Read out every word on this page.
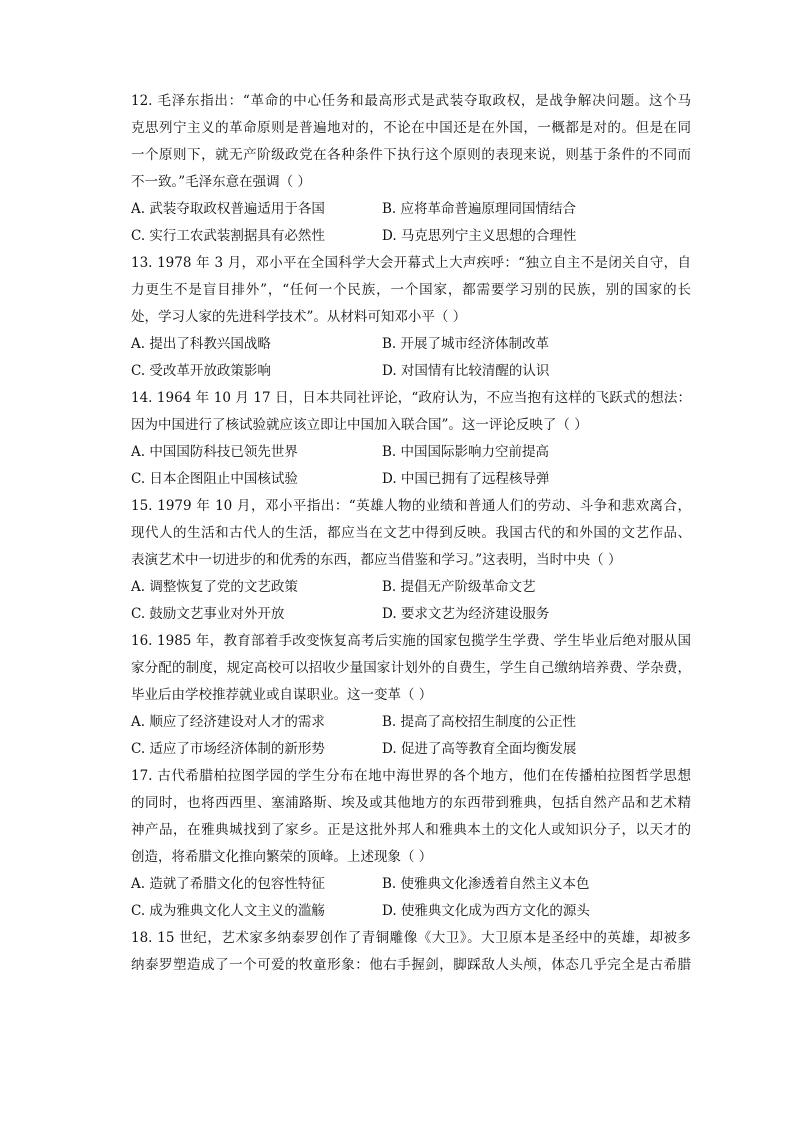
12. 毛泽东指出：“革命的中心任务和最高形式是武装夺取政权，是战争解决问题。这个马
克思列宁主义的革命原则是普遍地对的，不论在中国还是在外国，一概都是对的。但是在同
一个原则下，就无产阶级政党在各种条件下执行这个原则的表现来说，则基于条件的不同而
不一致。”毛泽东意在强调（ ）
A. 武装夺取政权普遍适用于各国	B. 应将革命普遍原理同国情结合
C. 实行工农武装割据具有必然性	D. 马克思列宁主义思想的合理性
13. 1978 年 3 月，邓小平在全国科学大会开幕式上大声疾呼：“独立自主不是闭关自守，自
力更生不是盲目排外”，“任何一个民族，一个国家，都需要学习别的民族，别的国家的长
处，学习人家的先进科学技术”。从材料可知邓小平（ ）
A. 提出了科教兴国战略	B. 开展了城市经济体制改革
C. 受改革开放政策影响	D. 对国情有比较清醒的认识
14. 1964 年 10 月 17 日，日本共同社评论，“政府认为，不应当抱有这样的飞跃式的想法：
因为中国进行了核试验就应该立即让中国加入联合国”。这一评论反映了（ ）
A. 中国国防科技已领先世界	B. 中国国际影响力空前提高
C. 日本企图阻止中国核试验	D. 中国已拥有了远程核导弹
15. 1979 年 10 月，邓小平指出：“英雄人物的业绩和普通人们的劳动、斗争和悲欢离合，
现代人的生活和古代人的生活，都应当在文艺中得到反映。我国古代的和外国的文艺作品、
表演艺术中一切进步的和优秀的东西，都应当借鉴和学习。”这表明，当时中央（ ）
A. 调整恢复了党的文艺政策	B. 提倡无产阶级革命文艺
C. 鼓励文艺事业对外开放	D. 要求文艺为经济建设服务
16. 1985 年，教育部着手改变恢复高考后实施的国家包揽学生学费、学生毕业后绝对服从国
家分配的制度，规定高校可以招收少量国家计划外的自费生，学生自己缴纳培养费、学杂费，
毕业后由学校推荐就业或自谋职业。这一变革（ ）
A. 顺应了经济建设对人才的需求	B. 提高了高校招生制度的公正性
C. 适应了市场经济体制的新形势	D. 促进了高等教育全面均衡发展
17. 古代希腊柏拉图学园的学生分布在地中海世界的各个地方，他们在传播柏拉图哲学思想
的同时，也将西西里、塞浦路斯、埃及或其他地方的东西带到雅典，包括自然产品和艺术精
神产品，在雅典城找到了家乡。正是这批外邦人和雅典本土的文化人或知识分子，以天才的
创造，将希腊文化推向繁荣的顶峰。上述现象（ ）
A. 造就了希腊文化的包容性特征	B. 使雅典文化渗透着自然主义本色
C. 成为雅典文化人文主义的滥觞	D. 使雅典文化成为西方文化的源头
18. 15 世纪，艺术家多纳泰罗创作了青铜雕像《大卫》。大卫原本是圣经中的英雄，却被多
纳泰罗塑造成了一个可爱的牧童形象：他右手握剑，脚踩敌人头颅，体态几乎完全是古希腊
